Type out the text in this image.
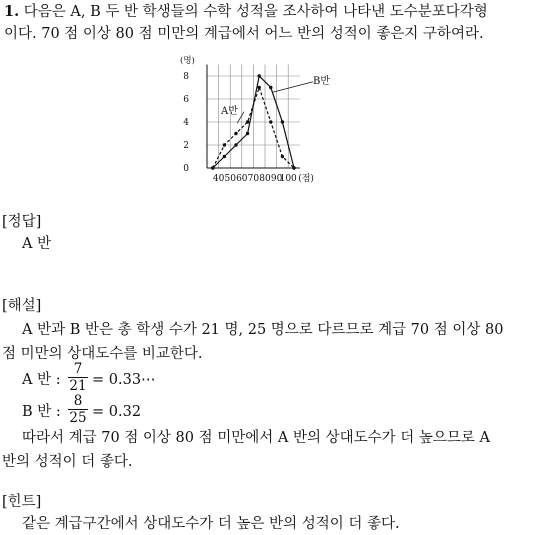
1. 다음은 A, B 두 반 학생들의 수학 성적을 조사하여 나타낸 도수분포다각형
이다. 70 점 이상 80 점 미만의 계급에서 어느 반의 성적이 좋은지 구하여라.
0
2
4
6
8
40 50 60 70 80 90
100
(명)
(점)
A반
B반
[정답]
A 반
[해설]
A 반과 B 반은 총 학생 수가 21 명, 25 명으로 다르므로 계급 70 점 이상 80
점 미만의 상대도수를 비교한다.
A 반 :
7
21 = 0.33⋯
B 반 :
8
25 = 0.32
따라서 계급 70 점 이상 80 점 미만에서 A 반의 상대도수가 더 높으므로 A
반의 성적이 더 좋다.
[힌트]
같은 계급구간에서 상대도수가 더 높은 반의 성적이 더 좋다.
